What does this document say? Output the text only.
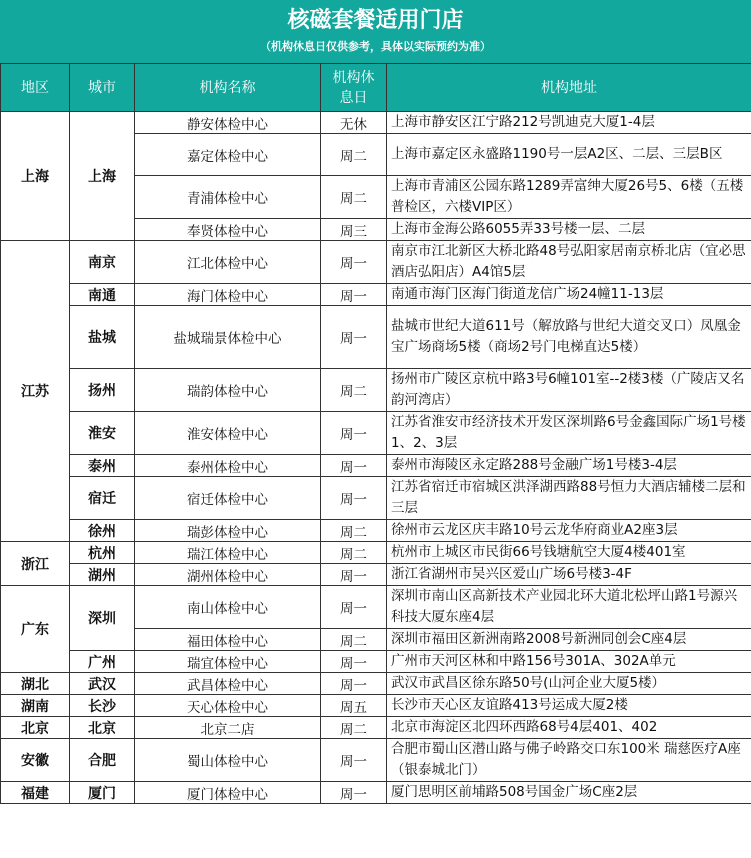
核磁套餐适用门店
（机构休息日仅供参考，具体以实际预约为准）
地区	城市	机构名称	机构休息日	机构地址
上海	上海	静安体检中心	无休	上海市静安区江宁路212号凯迪克大厦1-4层
		嘉定体检中心	周二	上海市嘉定区永盛路1190号一层A2区、二层、三层B区
		青浦体检中心	周二	上海市青浦区公园东路1289弄富绅大厦26号5、6楼（五楼普检区，六楼VIP区）
		奉贤体检中心	周三	上海市金海公路6055弄33号楼一层、二层
江苏	南京	江北体检中心	周一	南京市江北新区大桥北路48号弘阳家居南京桥北店（宜必思酒店弘阳店）A4馆5层
	南通	海门体检中心	周一	南通市海门区海门街道龙信广场24幢11-13层
	盐城	盐城瑞景体检中心	周一	盐城市世纪大道611号（解放路与世纪大道交叉口）凤凰金宝广场商场5楼（商场2号门电梯直达5楼）
	扬州	瑞韵体检中心	周二	扬州市广陵区京杭中路3号6幢101室--2楼3楼（广陵店又名韵河湾店）
	淮安	淮安体检中心	周一	江苏省淮安市经济技术开发区深圳路6号金鑫国际广场1号楼1、2、3层
	泰州	泰州体检中心	周一	泰州市海陵区永定路288号金融广场1号楼3-4层
	宿迁	宿迁体检中心	周一	江苏省宿迁市宿城区洪泽湖西路88号恒力大酒店辅楼二层和三层
	徐州	瑞彭体检中心	周二	徐州市云龙区庆丰路10号云龙华府商业A2座3层
浙江	杭州	瑞江体检中心	周二	杭州市上城区市民街66号钱塘航空大厦4楼401室
	湖州	湖州体检中心	周一	浙江省湖州市吴兴区爱山广场6号楼3-4F
广东	深圳	南山体检中心	周一	深圳市南山区高新技术产业园北环大道北松坪山路1号源兴科技大厦东座4层
		福田体检中心	周二	深圳市福田区新洲南路2008号新洲同创会C座4层
	广州	瑞宜体检中心	周一	广州市天河区林和中路156号301A、302A单元
湖北	武汉	武昌体检中心	周一	武汉市武昌区徐东路50号(山河企业大厦5楼）
湖南	长沙	天心体检中心	周五	长沙市天心区友谊路413号运成大厦2楼
北京	北京	北京二店	周二	北京市海淀区北四环西路68号4层401、402
安徽	合肥	蜀山体检中心	周一	合肥市蜀山区潜山路与佛子岭路交口东100米 瑞慈医疗A座 （银泰城北门）
福建	厦门	厦门体检中心	周一	厦门思明区前埔路508号国金广场C座2层
